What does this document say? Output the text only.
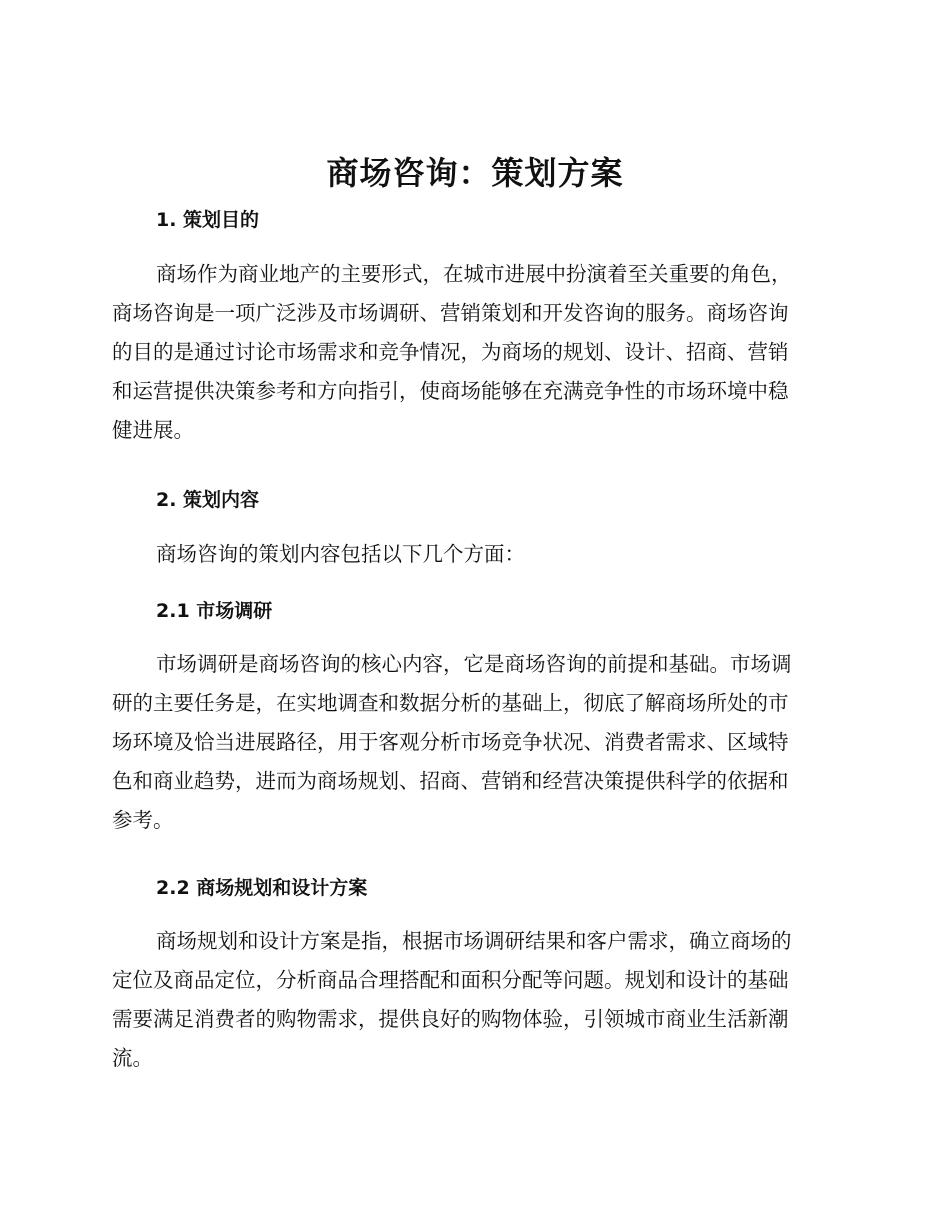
商场咨询：策划方案
1. 策划目的
商场作为商业地产的主要形式，在城市进展中扮演着至关重要的角色，
商场咨询是一项广泛涉及市场调研、营销策划和开发咨询的服务。商场咨询
的目的是通过讨论市场需求和竞争情况，为商场的规划、设计、招商、营销
和运营提供决策参考和方向指引，使商场能够在充满竞争性的市场环境中稳
健进展。
2. 策划内容
商场咨询的策划内容包括以下几个方面：
2.1 市场调研
市场调研是商场咨询的核心内容，它是商场咨询的前提和基础。市场调
研的主要任务是，在实地调查和数据分析的基础上，彻底了解商场所处的市
场环境及恰当进展路径，用于客观分析市场竞争状况、消费者需求、区域特
色和商业趋势，进而为商场规划、招商、营销和经营决策提供科学的依据和
参考。
2.2 商场规划和设计方案
商场规划和设计方案是指，根据市场调研结果和客户需求，确立商场的
定位及商品定位，分析商品合理搭配和面积分配等问题。规划和设计的基础
需要满足消费者的购物需求，提供良好的购物体验，引领城市商业生活新潮
流。
